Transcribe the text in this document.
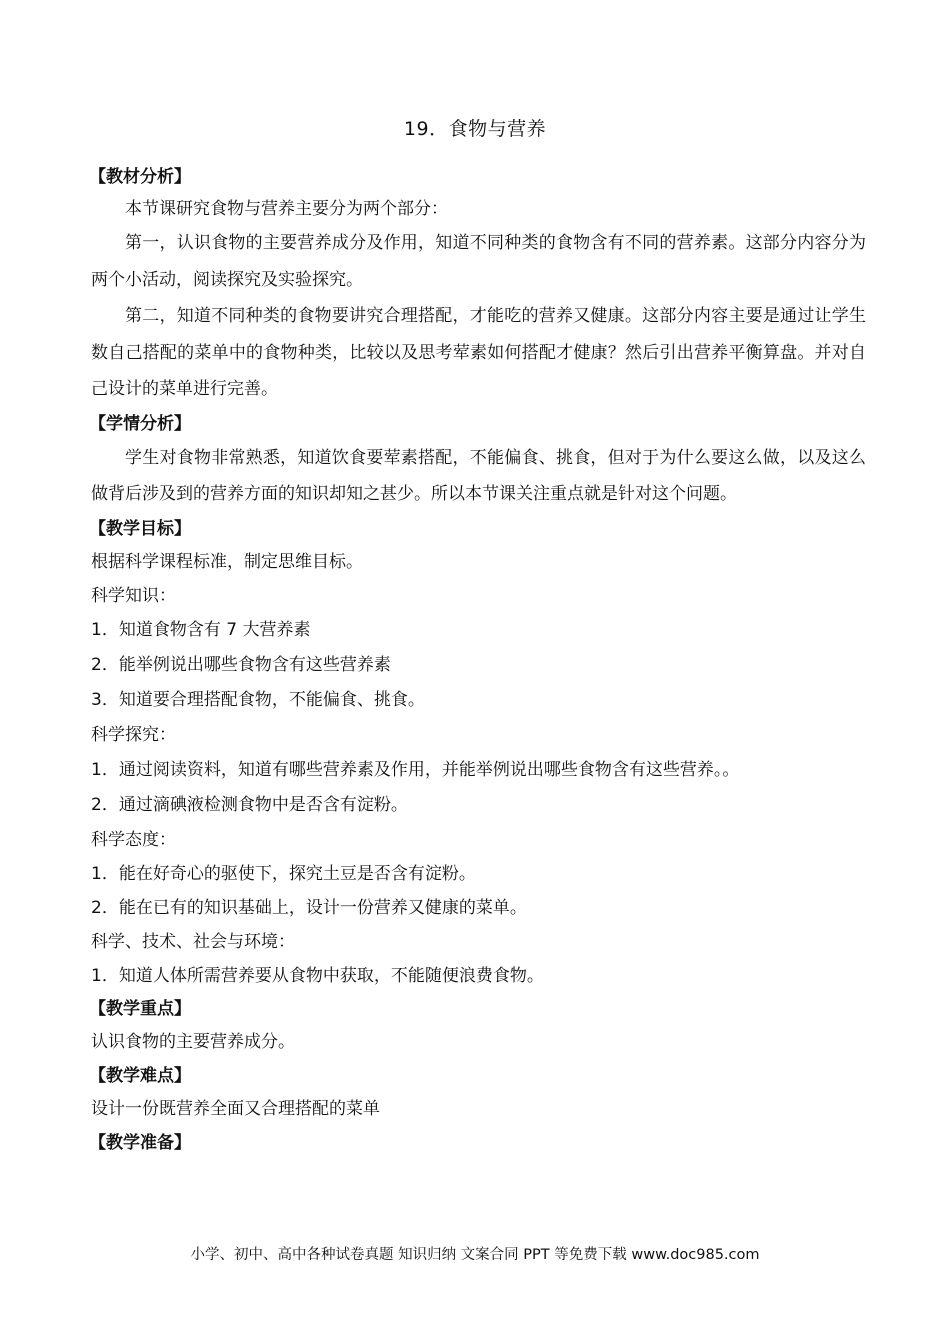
19．食物与营养
【教材分析】

本节课研究食物与营养主要分为两个部分：

第一，认识食物的主要营养成分及作用，知道不同种类的食物含有不同的营养素。这部分内容分为两个小活动，阅读探究及实验探究。

第二，知道不同种类的食物要讲究合理搭配，才能吃的营养又健康。这部分内容主要是通过让学生数自己搭配的菜单中的食物种类，比较以及思考荤素如何搭配才健康？然后引出营养平衡算盘。并对自己设计的菜单进行完善。

【学情分析】

学生对食物非常熟悉，知道饮食要荤素搭配，不能偏食、挑食，但对于为什么要这么做，以及这么做背后涉及到的营养方面的知识却知之甚少。所以本节课关注重点就是针对这个问题。

【教学目标】
根据科学课程标准，制定思维目标。
科学知识：
1．知道食物含有 7 大营养素
2．能举例说出哪些食物含有这些营养素
3．知道要合理搭配食物，不能偏食、挑食。
科学探究：
1．通过阅读资料，知道有哪些营养素及作用，并能举例说出哪些食物含有这些营养。。
2．通过滴碘液检测食物中是否含有淀粉。
科学态度：
1．能在好奇心的驱使下，探究土豆是否含有淀粉。
2．能在已有的知识基础上，设计一份营养又健康的菜单。
科学、技术、社会与环境：
1．知道人体所需营养要从食物中获取，不能随便浪费食物。
【教学重点】
认识食物的主要营养成分。
【教学难点】
设计一份既营养全面又合理搭配的菜单
【教学准备】
小学、初中、高中各种试卷真题 知识归纳 文案合同 PPT 等免费下载 www.doc985.com
